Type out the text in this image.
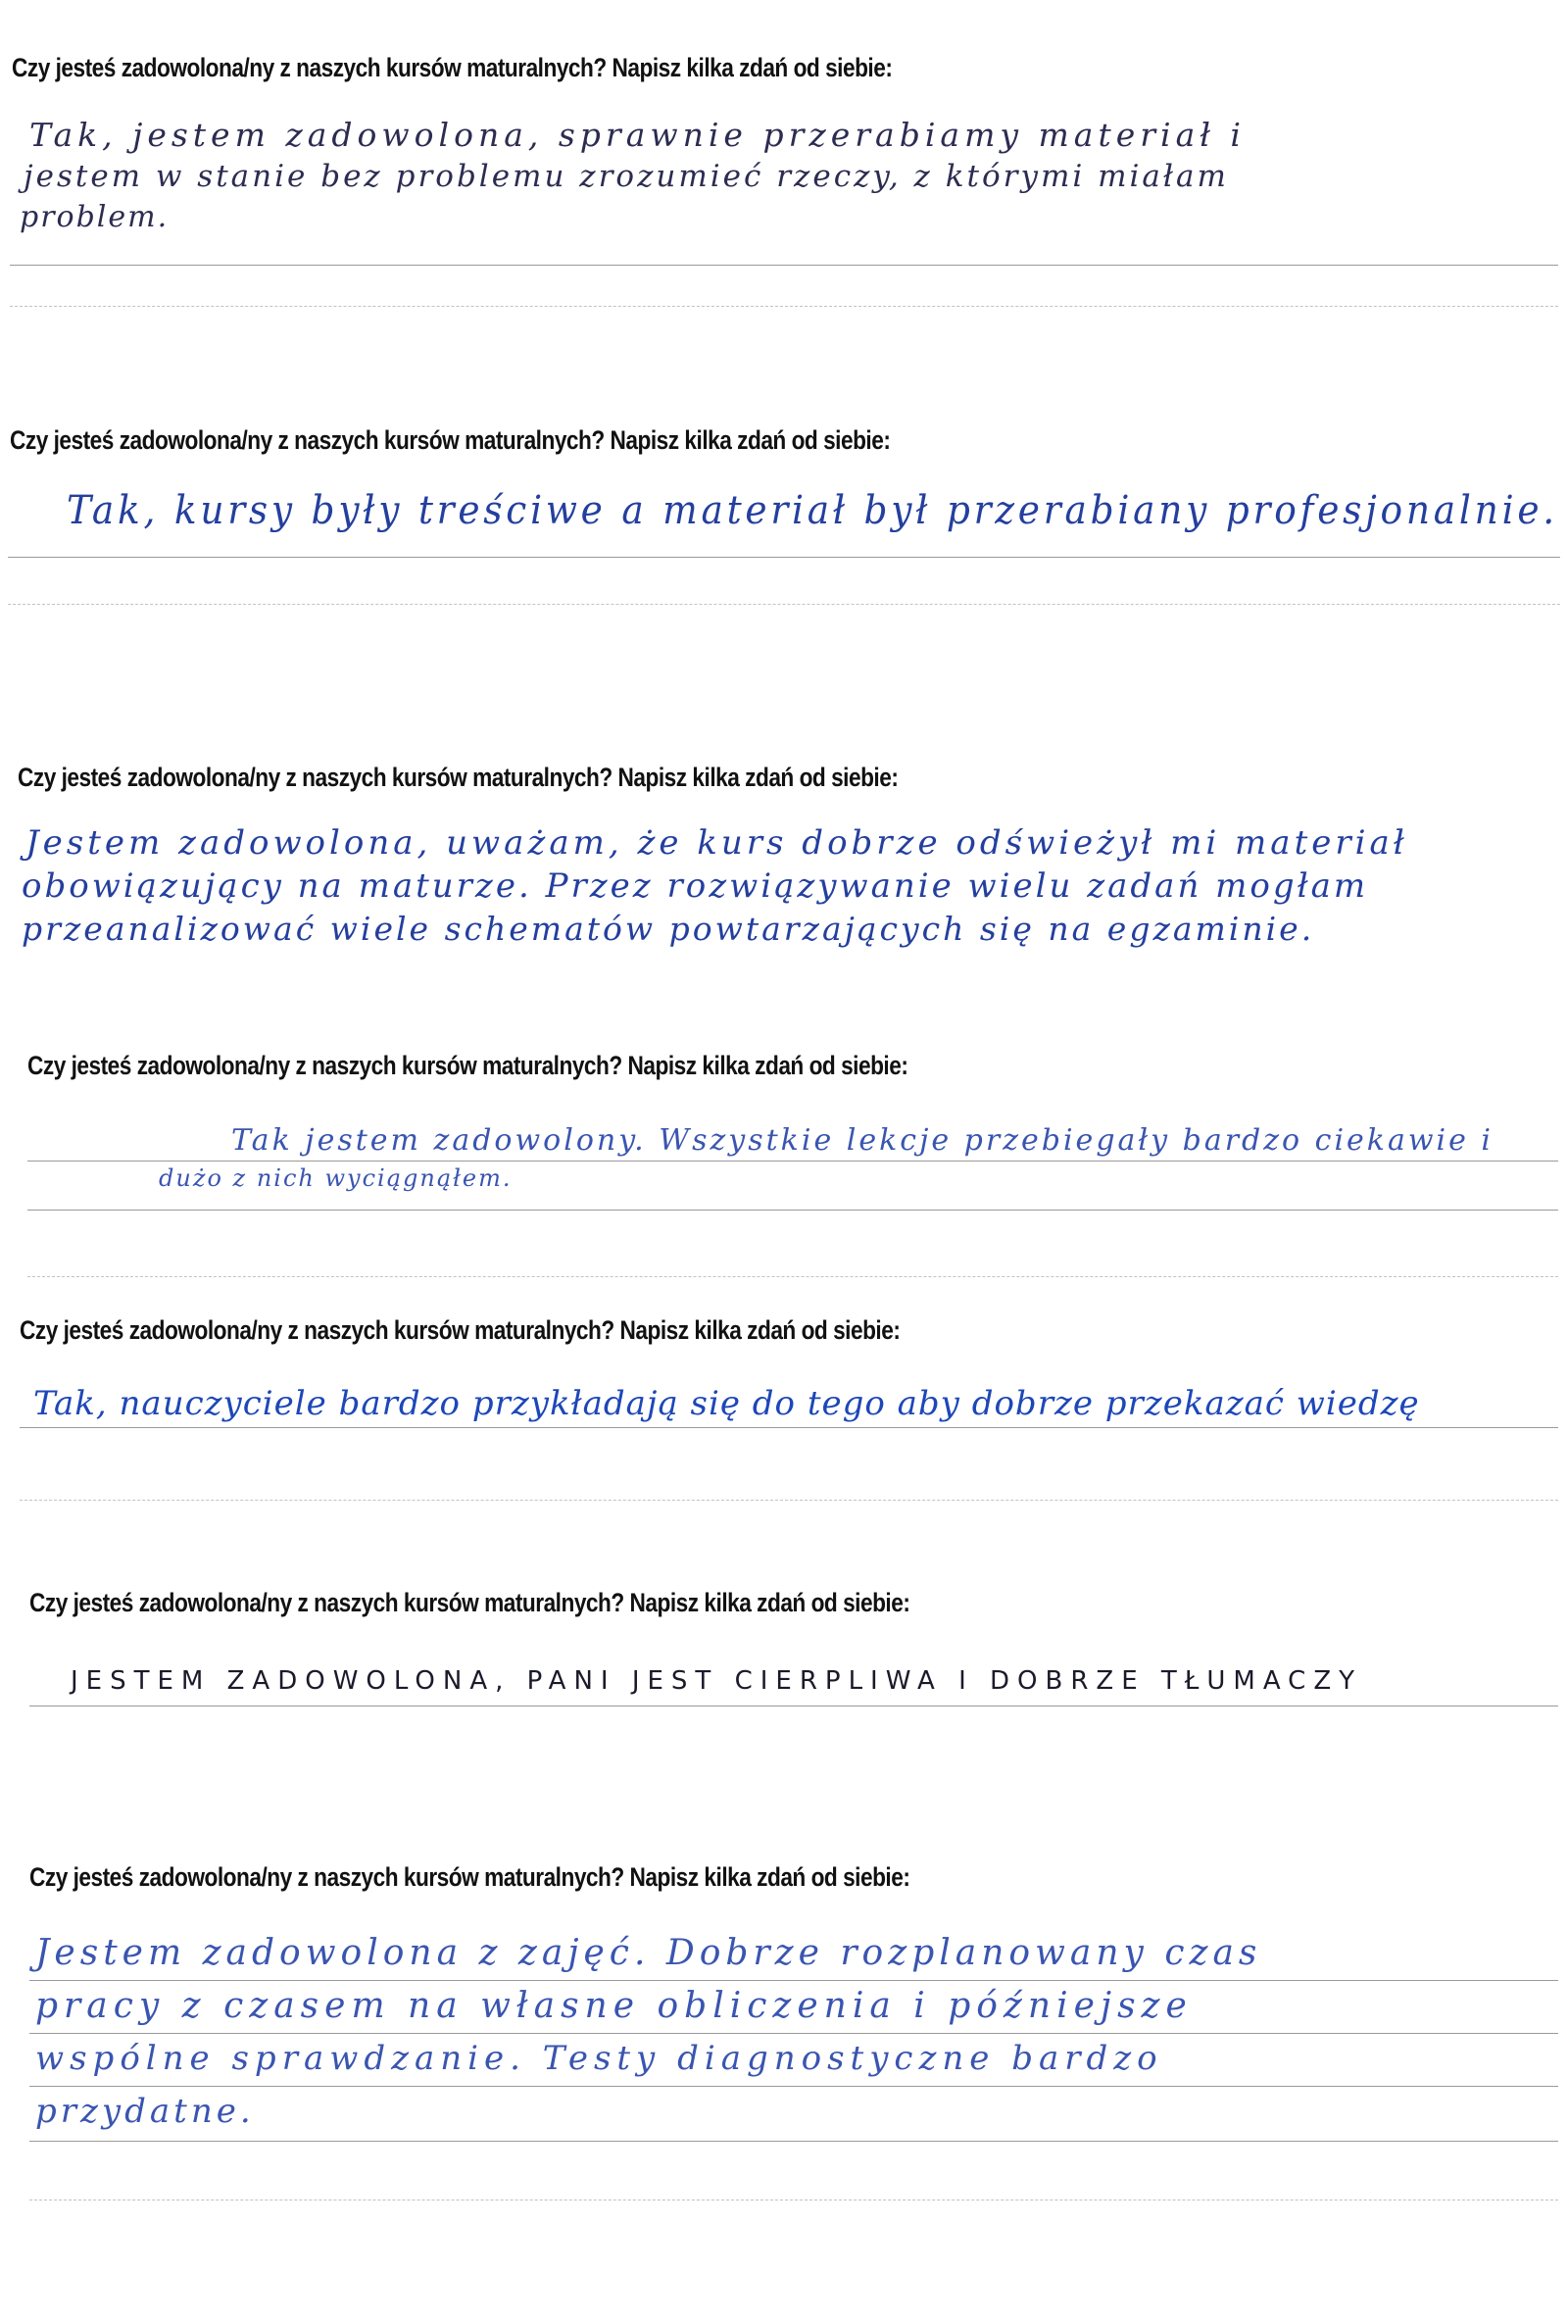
Czy jesteś zadowolona/ny z naszych kursów maturalnych? Napisz kilka zdań od siebie:
Tak, jestem zadowolona, sprawnie przerabiamy materiał i
jestem w stanie bez problemu zrozumieć rzeczy, z którymi miałam
problem.
Czy jesteś zadowolona/ny z naszych kursów maturalnych? Napisz kilka zdań od siebie:
Tak, kursy były treściwe a materiał był przerabiany profesjonalnie.
Czy jesteś zadowolona/ny z naszych kursów maturalnych? Napisz kilka zdań od siebie:
Jestem zadowolona, uważam, że kurs dobrze odświeżył mi materiał
obowiązujący na maturze. Przez rozwiązywanie wielu zadań mogłam
przeanalizować wiele schematów powtarzających się na egzaminie.
Czy jesteś zadowolona/ny z naszych kursów maturalnych? Napisz kilka zdań od siebie:
Tak jestem zadowolony. Wszystkie lekcje przebiegały bardzo ciekawie i
dużo z nich wyciągnąłem.
Czy jesteś zadowolona/ny z naszych kursów maturalnych? Napisz kilka zdań od siebie:
Tak, nauczyciele bardzo przykładają się do tego aby dobrze przekazać wiedzę
Czy jesteś zadowolona/ny z naszych kursów maturalnych? Napisz kilka zdań od siebie:
JESTEM ZADOWOLONA, PANI JEST CIERPLIWA I DOBRZE TŁUMACZY
Czy jesteś zadowolona/ny z naszych kursów maturalnych? Napisz kilka zdań od siebie:
Jestem zadowolona z zajęć. Dobrze rozplanowany czas
pracy z czasem na własne obliczenia i późniejsze
wspólne sprawdzanie. Testy diagnostyczne bardzo
przydatne.
